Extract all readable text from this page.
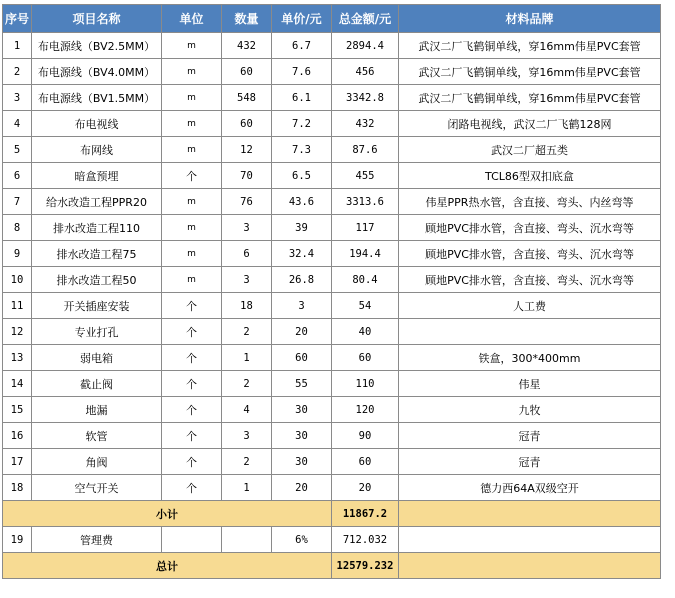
序号	项目名称	单位	数量	单价/元	总金额/元	材料品牌
1	布电源线（BV2.5MM）	m	432	6.7	2894.4	武汉二厂飞鹤铜单线，穿16mm伟星PVC套管
2	布电源线（BV4.0MM）	m	60	7.6	456	武汉二厂飞鹤铜单线，穿16mm伟星PVC套管
3	布电源线（BV1.5MM）	m	548	6.1	3342.8	武汉二厂飞鹤铜单线，穿16mm伟星PVC套管
4	布电视线	m	60	7.2	432	闭路电视线，武汉二厂飞鹤128网
5	布网线	m	12	7.3	87.6	武汉二厂超五类
6	暗盒预埋	个	70	6.5	455	TCL86型双扣底盒
7	给水改造工程PPR20	m	76	43.6	3313.6	伟星PPR热水管，含直接、弯头、内丝弯等
8	排水改造工程110	m	3	39	117	顾地PVC排水管，含直接、弯头、沉水弯等
9	排水改造工程75	m	6	32.4	194.4	顾地PVC排水管，含直接、弯头、沉水弯等
10	排水改造工程50	m	3	26.8	80.4	顾地PVC排水管，含直接、弯头、沉水弯等
11	开关插座安装	个	18	3	54	人工费
12	专业打孔	个	2	20	40	
13	弱电箱	个	1	60	60	铁盒，300*400mm
14	截止阀	个	2	55	110	伟星
15	地漏	个	4	30	120	九牧
16	软管	个	3	30	90	冠青
17	角阀	个	2	30	60	冠青
18	空气开关	个	1	20	20	德力西64A双级空开
小计					11867.2	
19	管理费			6%	712.032	
总计					12579.232	
